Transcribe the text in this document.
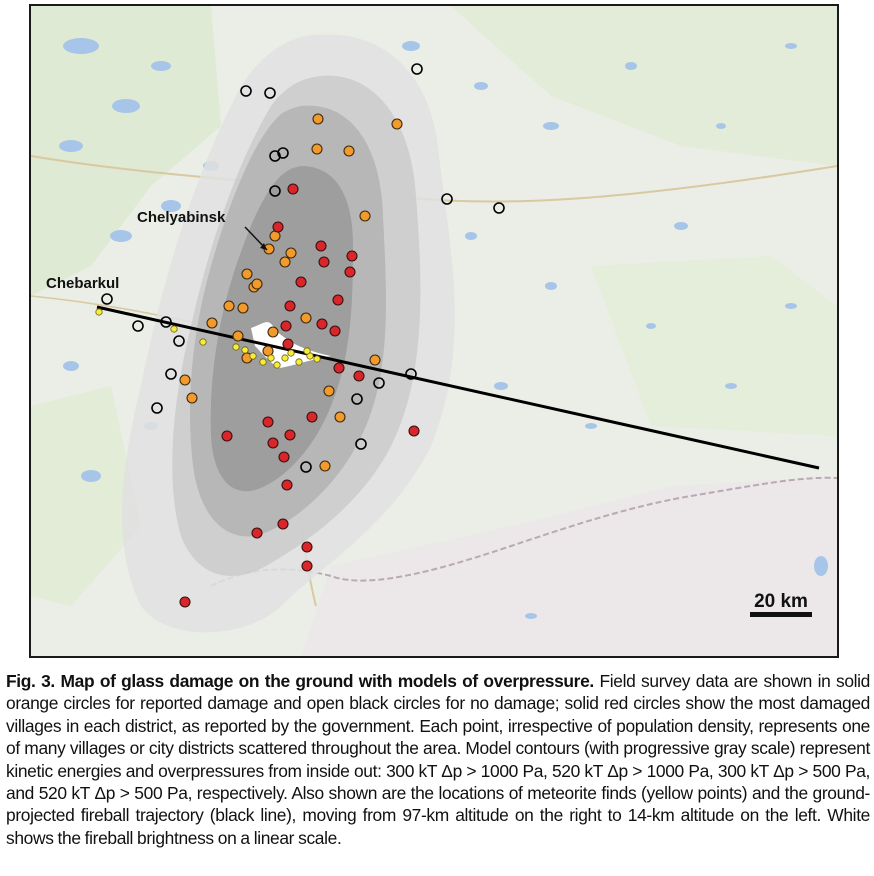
Chelyabinsk
Chebarkul
20 km
Fig. 3. Map of glass damage on the ground with models of overpressure. Field survey data are shown in solid orange circles for reported damage and open black circles for no damage; solid red circles show the most damaged villages in each district, as reported by the government. Each point, irrespective of population density, represents one of many villages or city districts scattered throughout the area. Model contours (with progressive gray scale) represent kinetic energies and overpressures from inside out: 300 kT Δp > 1000 Pa, 520 kT Δp > 1000 Pa, 300 kT Δp > 500 Pa, and 520 kT Δp > 500 Pa, respectively. Also shown are the locations of meteorite finds (yellow points) and the ground-projected fireball trajectory (black line), moving from 97-km altitude on the right to 14-km altitude on the left. White shows the fireball brightness on a linear scale.
